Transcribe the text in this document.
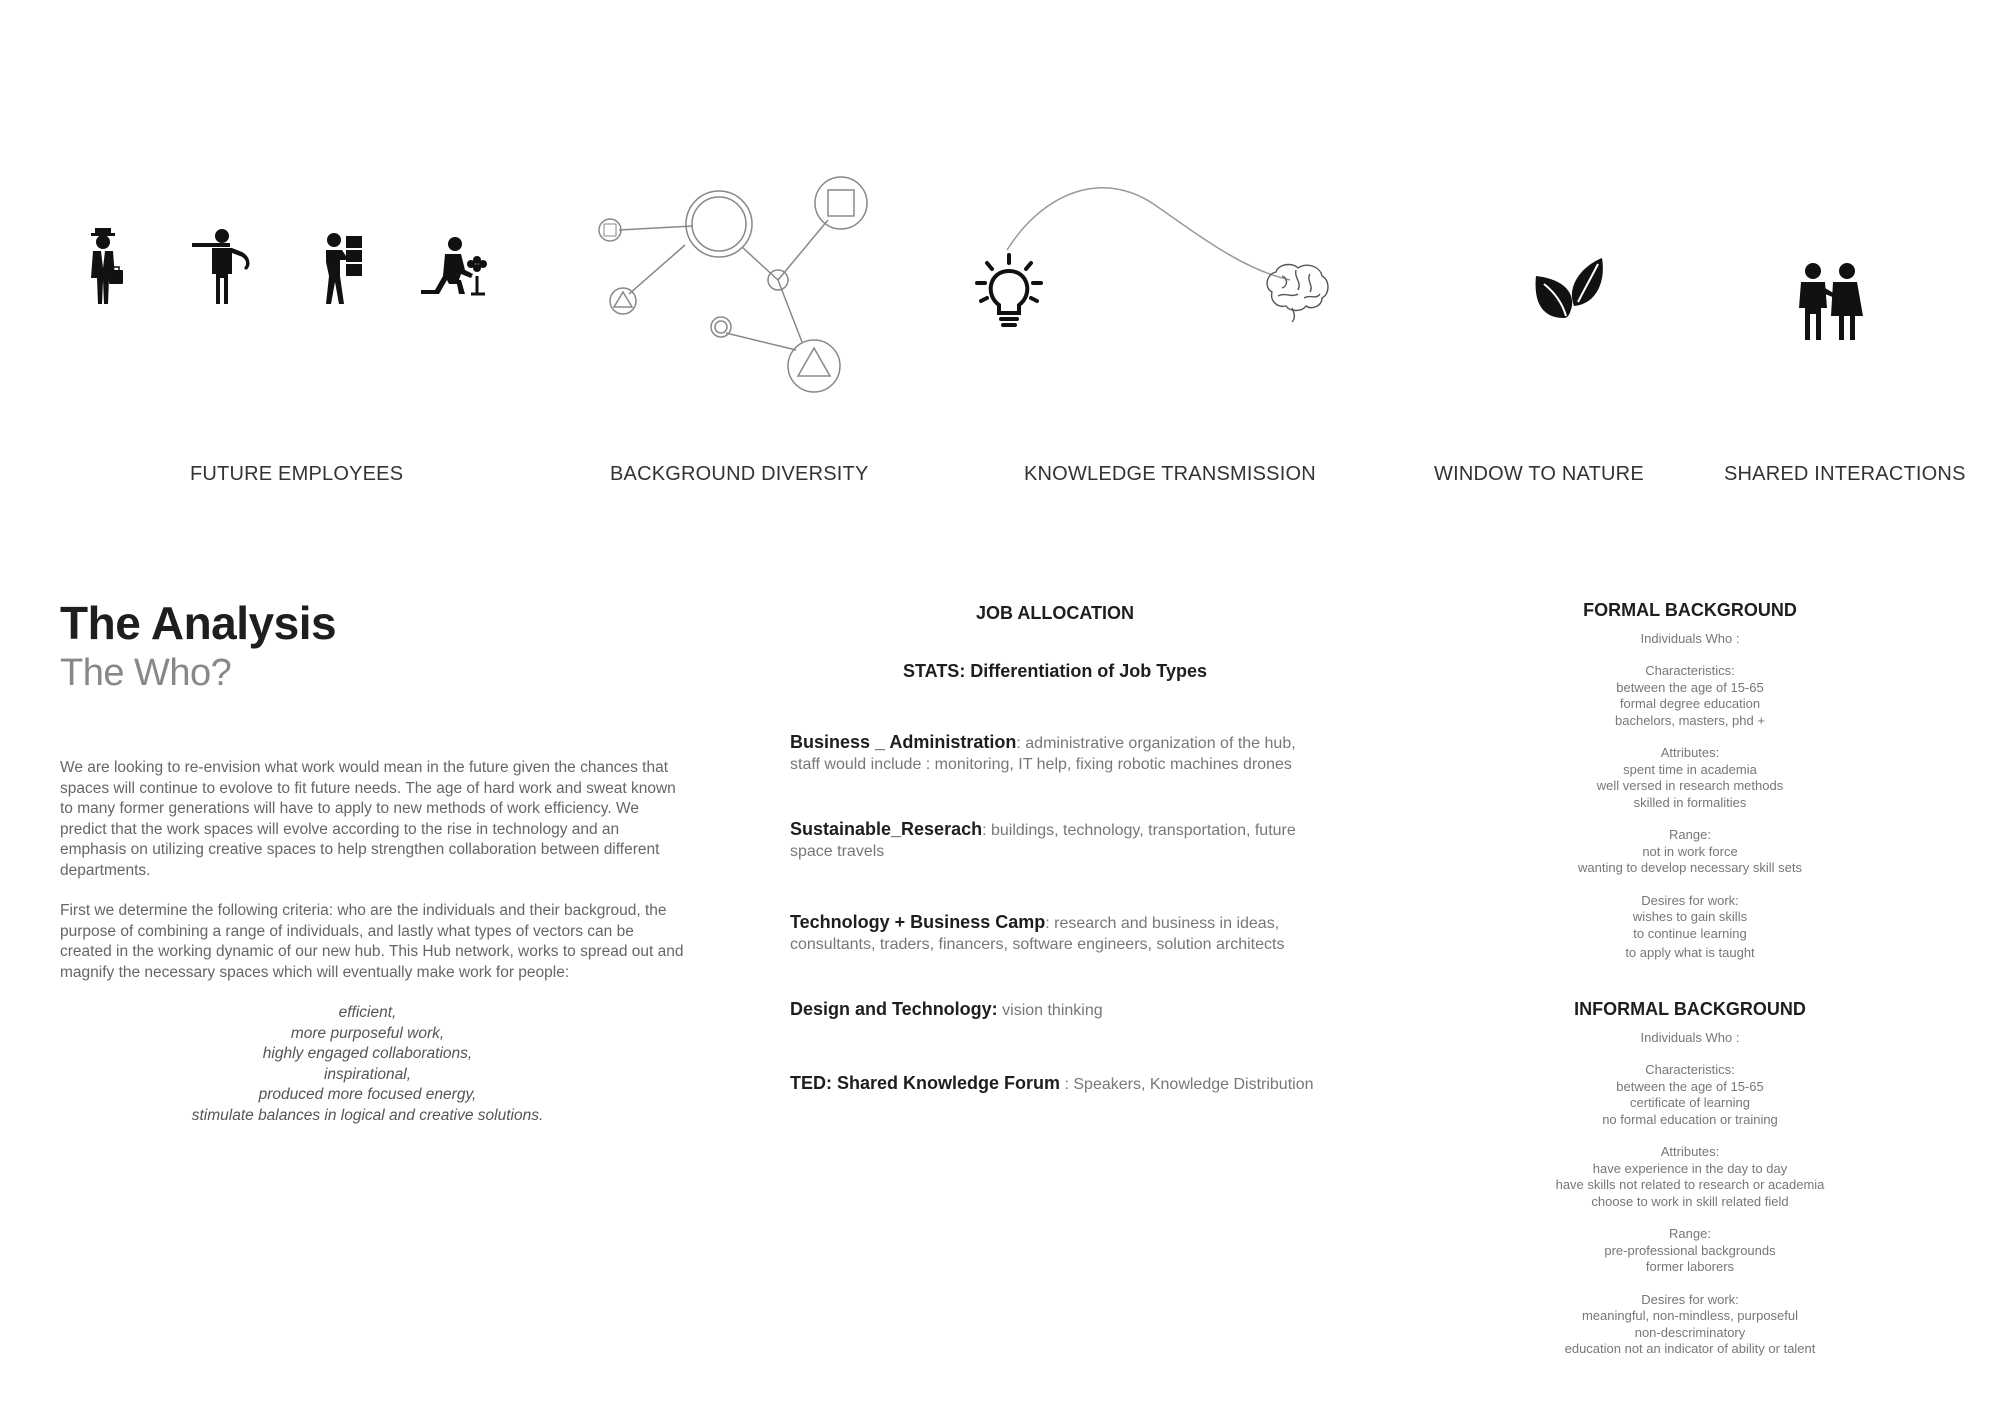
FUTURE EMPLOYEES	BACKGROUND DIVERSITY	KNOWLEDGE TRANSMISSION	WINDOW TO NATURE	SHARED INTERACTIONS
The Analysis
The Who?
We are looking to re-envision what work would mean in the future given the chances that spaces will continue to evolove to fit future needs. The age of hard work and sweat known to many former generations will have to apply to new methods of work efficiency. We predict that the work spaces will evolve according to the rise in technology and an emphasis on utilizing creative spaces to help strengthen collaboration between different departments.
First we determine the following criteria: who are the individuals and their backgroud, the purpose of combining a range of individuals, and lastly what types of vectors can be created in the working dynamic of our new hub. This Hub network, works to spread out and magnify the necessary spaces which will eventually make work for people:
efficient,
more purposeful work,
highly engaged collaborations,
inspirational,
produced more focused energy,
stimulate balances in logical and creative solutions.
JOB ALLOCATION
STATS: Differentiation of Job Types
Business _ Administration: administrative organization of the hub, staff would include : monitoring, IT help, fixing robotic machines drones
Sustainable_Reserach: buildings, technology, transportation, future space travels
Technology + Business Camp: research and business in ideas, consultants, traders, financers, software engineers, solution architects
Design and Technology: vision thinking
TED: Shared Knowledge Forum : Speakers, Knowledge Distribution
FORMAL BACKGROUND
Individuals Who :
Characteristics:
between the age of 15-65
formal degree education
bachelors, masters, phd +
Attributes:
spent time in academia
well versed in research methods
skilled in formalities
Range:
not in work force
wanting to develop necessary skill sets
Desires for work:
wishes to gain skills
to continue learning
to apply what is taught
INFORMAL BACKGROUND
Individuals Who :
Characteristics:
between the age of 15-65
certificate of learning
no formal education or training
Attributes:
have experience in the day to day
have skills not related to research or academia
choose to work in skill related field
Range:
pre-professional backgrounds
former laborers
Desires for work:
meaningful, non-mindless, purposeful
non-descriminatory
education not an indicator of ability or talent
